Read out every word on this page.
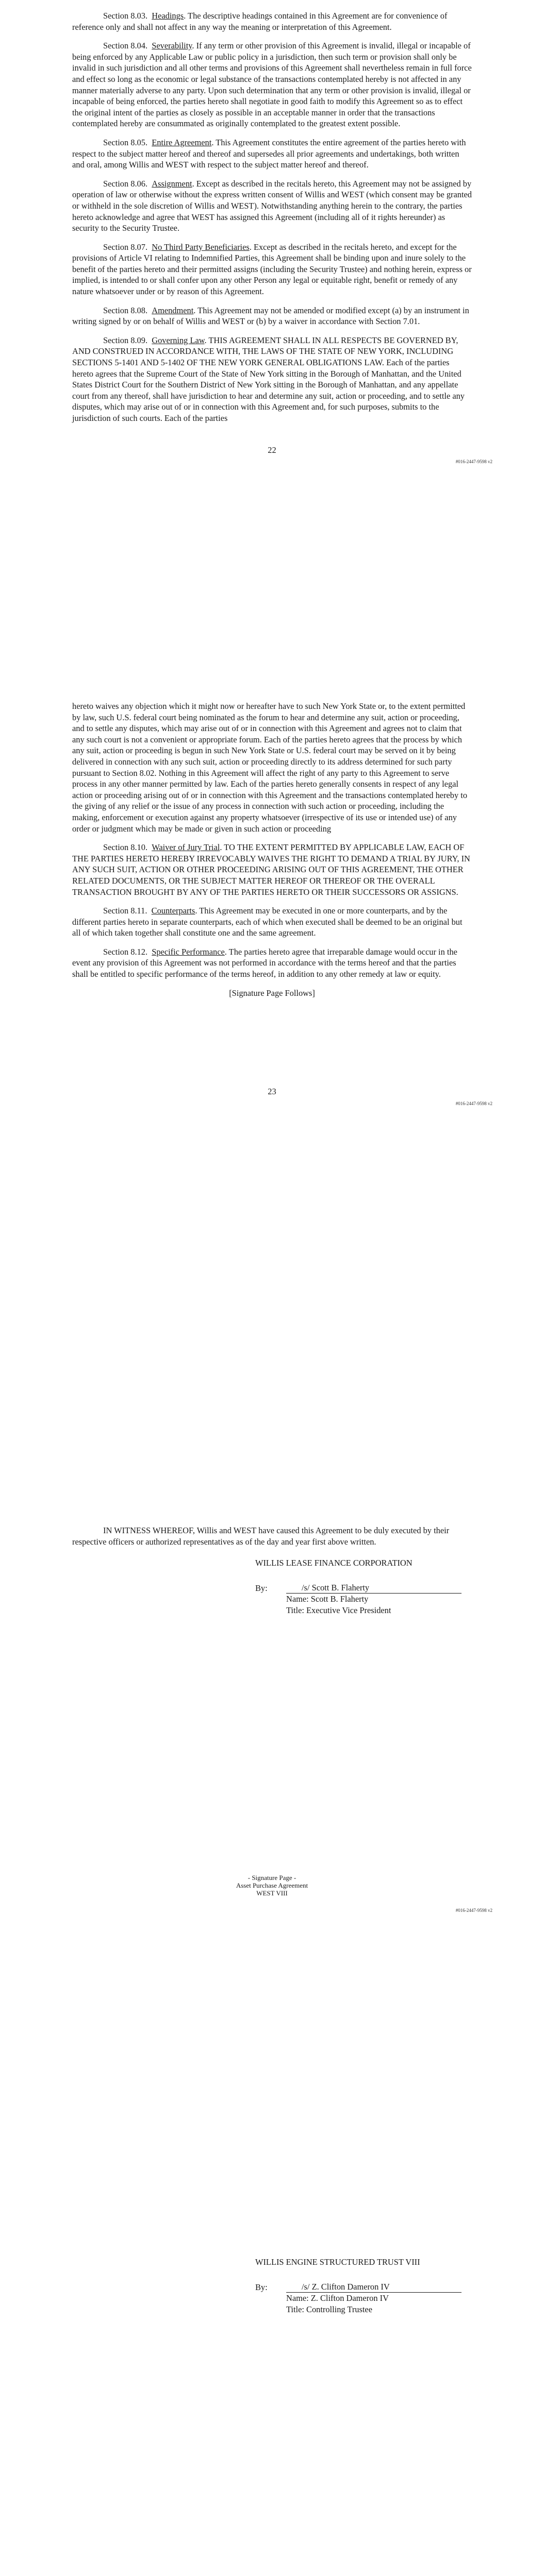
Section 8.03. Headings. The descriptive headings contained in this Agreement are for convenience of reference only and shall not affect in any way the meaning or interpretation of this Agreement.

Section 8.04. Severability. If any term or other provision of this Agreement is invalid, illegal or incapable of being enforced by any Applicable Law or public policy in a jurisdiction, then such term or provision shall only be invalid in such jurisdiction and all other terms and provisions of this Agreement shall nevertheless remain in full force and effect so long as the economic or legal substance of the transactions contemplated hereby is not affected in any manner materially adverse to any party. Upon such determination that any term or other provision is invalid, illegal or incapable of being enforced, the parties hereto shall negotiate in good faith to modify this Agreement so as to effect the original intent of the parties as closely as possible in an acceptable manner in order that the transactions contemplated hereby are consummated as originally contemplated to the greatest extent possible.

Section 8.05. Entire Agreement. This Agreement constitutes the entire agreement of the parties hereto with respect to the subject matter hereof and thereof and supersedes all prior agreements and undertakings, both written and oral, among Willis and WEST with respect to the subject matter hereof and thereof.

Section 8.06. Assignment. Except as described in the recitals hereto, this Agreement may not be assigned by operation of law or otherwise without the express written consent of Willis and WEST (which consent may be granted or withheld in the sole discretion of Willis and WEST). Notwithstanding anything herein to the contrary, the parties hereto acknowledge and agree that WEST has assigned this Agreement (including all of it rights hereunder) as security to the Security Trustee.

Section 8.07. No Third Party Beneficiaries. Except as described in the recitals hereto, and except for the provisions of Article VI relating to Indemnified Parties, this Agreement shall be binding upon and inure solely to the benefit of the parties hereto and their permitted assigns (including the Security Trustee) and nothing herein, express or implied, is intended to or shall confer upon any other Person any legal or equitable right, benefit or remedy of any nature whatsoever under or by reason of this Agreement.

Section 8.08. Amendment. This Agreement may not be amended or modified except (a) by an instrument in writing signed by or on behalf of Willis and WEST or (b) by a waiver in accordance with Section 7.01.

Section 8.09. Governing Law. THIS AGREEMENT SHALL IN ALL RESPECTS BE GOVERNED BY, AND CONSTRUED IN ACCORDANCE WITH, THE LAWS OF THE STATE OF NEW YORK, INCLUDING SECTIONS 5-1401 AND 5-1402 OF THE NEW YORK GENERAL OBLIGATIONS LAW. Each of the parties hereto agrees that the Supreme Court of the State of New York sitting in the Borough of Manhattan, and the United States District Court for the Southern District of New York sitting in the Borough of Manhattan, and any appellate court from any thereof, shall have jurisdiction to hear and determine any suit, action or proceeding, and to settle any disputes, which may arise out of or in connection with this Agreement and, for such purposes, submits to the jurisdiction of such courts. Each of the parties

22
#016-2447-9598 v2

hereto waives any objection which it might now or hereafter have to such New York State or, to the extent permitted by law, such U.S. federal court being nominated as the forum to hear and determine any suit, action or proceeding, and to settle any disputes, which may arise out of or in connection with this Agreement and agrees not to claim that any such court is not a convenient or appropriate forum. Each of the parties hereto agrees that the process by which any suit, action or proceeding is begun in such New York State or U.S. federal court may be served on it by being delivered in connection with any such suit, action or proceeding directly to its address determined for such party pursuant to Section 8.02. Nothing in this Agreement will affect the right of any party to this Agreement to serve process in any other manner permitted by law. Each of the parties hereto generally consents in respect of any legal action or proceeding arising out of or in connection with this Agreement and the transactions contemplated hereby to the giving of any relief or the issue of any process in connection with such action or proceeding, including the making, enforcement or execution against any property whatsoever (irrespective of its use or intended use) of any order or judgment which may be made or given in such action or proceeding

Section 8.10. Waiver of Jury Trial. TO THE EXTENT PERMITTED BY APPLICABLE LAW, EACH OF THE PARTIES HERETO HEREBY IRREVOCABLY WAIVES THE RIGHT TO DEMAND A TRIAL BY JURY, IN ANY SUCH SUIT, ACTION OR OTHER PROCEEDING ARISING OUT OF THIS AGREEMENT, THE OTHER RELATED DOCUMENTS, OR THE SUBJECT MATTER HEREOF OR THEREOF OR THE OVERALL TRANSACTION BROUGHT BY ANY OF THE PARTIES HERETO OR THEIR SUCCESSORS OR ASSIGNS.

Section 8.11. Counterparts. This Agreement may be executed in one or more counterparts, and by the different parties hereto in separate counterparts, each of which when executed shall be deemed to be an original but all of which taken together shall constitute one and the same agreement.

Section 8.12. Specific Performance. The parties hereto agree that irreparable damage would occur in the event any provision of this Agreement was not performed in accordance with the terms hereof and that the parties shall be entitled to specific performance of the terms hereof, in addition to any other remedy at law or equity.

[Signature Page Follows]
23
#016-2447-9598 v2

IN WITNESS WHEREOF, Willis and WEST have caused this Agreement to be duly executed by their respective officers or authorized representatives as of the day and year first above written.

WILLIS LEASE FINANCE CORPORATION
By:	/s/ Scott B. Flaherty
Name: Scott B. Flaherty
Title: Executive Vice President
- Signature Page -
Asset Purchase Agreement
WEST VIII
#016-2447-9598 v2
WILLIS ENGINE STRUCTURED TRUST VIII
By:	/s/ Z. Clifton Dameron IV
Name: Z. Clifton Dameron IV
Title: Controlling Trustee
